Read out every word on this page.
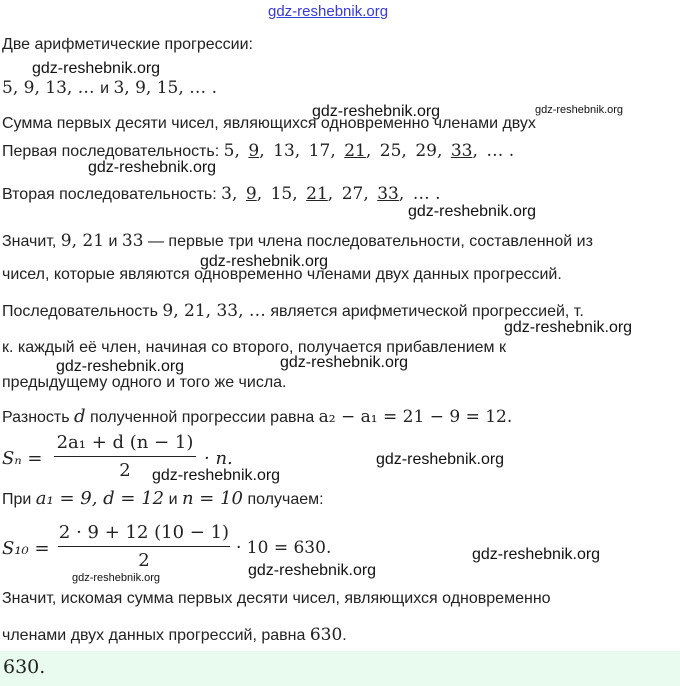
gdz-reshebnik.org
Две арифметические прогрессии:
gdz-reshebnik.org
5, 9, 13, … и 3, 9, 15, … .
gdz-reshebnik.org	gdz-reshebnik.org
Сумма первых десяти чисел, являющихся одновременно членами двух
Первая последовательность: 5, 9, 13, 17, 21, 25, 29, 33, … .
gdz-reshebnik.org
Вторая последовательность: 3, 9, 15, 21, 27, 33, … .
gdz-reshebnik.org
Значит, 9, 21 и 33 — первые три члена последовательности, составленной из
gdz-reshebnik.org
чисел, которые являются одновременно членами двух данных прогрессий.
Последовательность 9, 21, 33, … является арифметической прогрессией, т.
gdz-reshebnik.org
к. каждый её член, начиная со второго, получается прибавлением к
gdz-reshebnik.org	gdz-reshebnik.org
предыдущему одного и того же числа.
Разность d полученной прогрессии равна a₂ − a₁ = 21 − 9 = 12.
Sₙ =
2a₁ + d (n − 1)
2
· n.	gdz-reshebnik.org
gdz-reshebnik.org
При a₁ = 9, d = 12 и n = 10 получаем:
S₁₀ =
2 · 9 + 12 (10 − 1)
2
· 10 = 630.	gdz-reshebnik.org
gdz-reshebnik.org
gdz-reshebnik.org
Значит, искомая сумма первых десяти чисел, являющихся одновременно
членами двух данных прогрессий, равна 630.
630.
